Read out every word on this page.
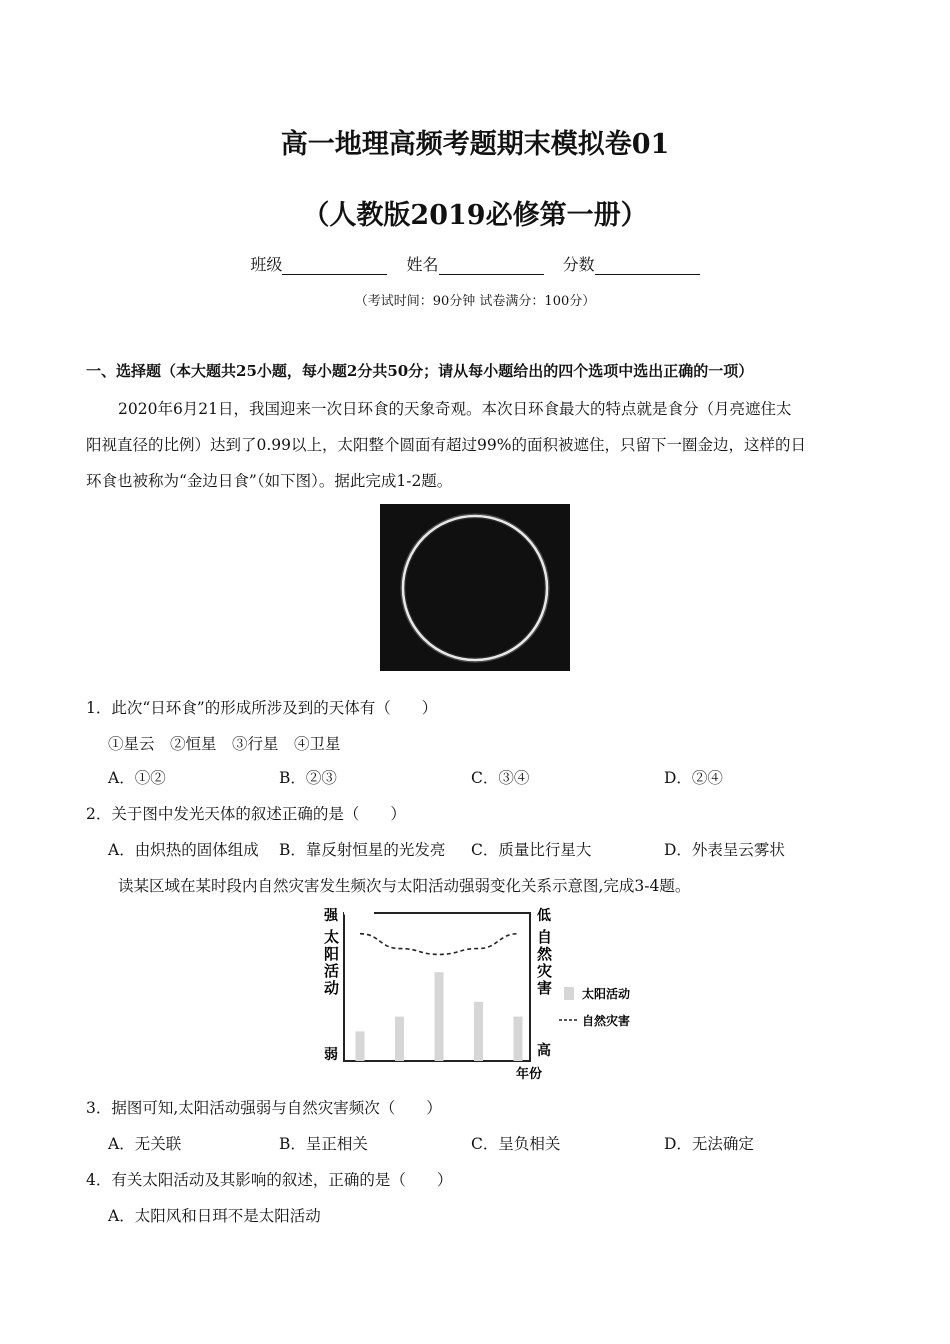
高一地理高频考题期末模拟卷01
（人教版2019必修第一册）
班级	姓名	分数
（考试时间：90分钟 试卷满分：100分）
一、选择题（本大题共25小题，每小题2分共50分；请从每小题给出的四个选项中选出正确的一项）
2020年6月21日，我国迎来一次日环食的天象奇观。本次日环食最大的特点就是食分（月亮遮住太
阳视直径的比例）达到了0.99以上，太阳整个圆面有超过99%的面积被遮住，只留下一圈金边，这样的日
环食也被称为“金边日食”（如下图）。据此完成1-2题。
1．此次“日环食”的形成所涉及到的天体有（　　）
①星云　②恒星　③行星　④卫星
A．①②	B．②③	C．③④	D．②④
2．关于图中发光天体的叙述正确的是（　　）
A．由炽热的固体组成 B．靠反射恒星的光发亮 C．质量比行星大	D．外表呈云雾状
读某区域在某时段内自然灾害发生频次与太阳活动强弱变化关系示意图,完成3-4题。
强
太阳活动
弱
低
自然灾害
高
年份
太阳活动
自然灾害
3．据图可知,太阳活动强弱与自然灾害频次（　　）
A．无关联	B．呈正相关	C．呈负相关	D．无法确定
4．有关太阳活动及其影响的叙述，正确的是（　　）
A．太阳风和日珥不是太阳活动
